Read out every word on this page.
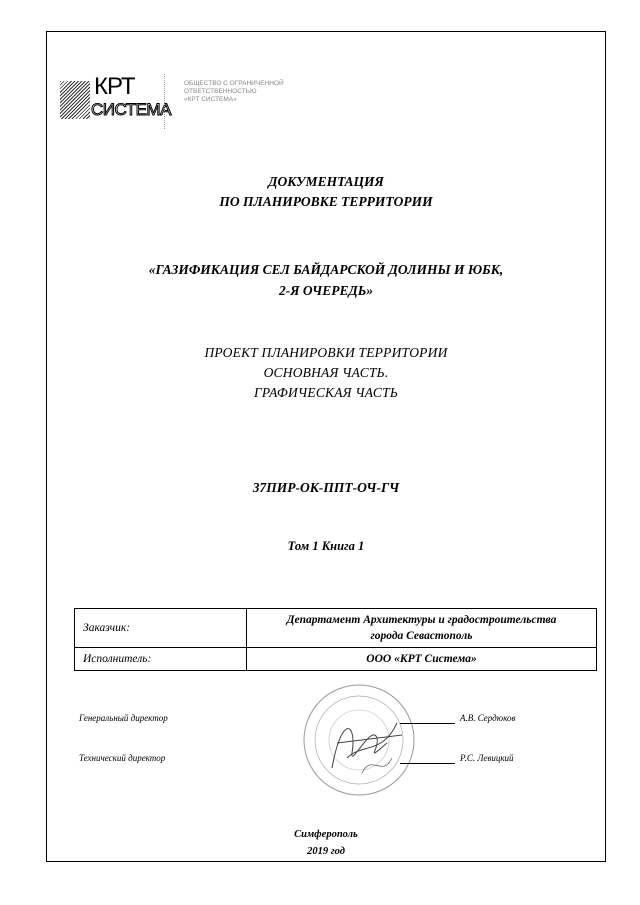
КРТ
СИСТЕМА
ОБЩЕСТВО С ОГРАНИЧЕННОЙ
ОТВЕТСТВЕННОСТЬЮ
«КРТ СИСТЕМА»
ДОКУМЕНТАЦИЯ
ПО ПЛАНИРОВКЕ ТЕРРИТОРИИ
«ГАЗИФИКАЦИЯ СЕЛ БАЙДАРСКОЙ ДОЛИНЫ И ЮБК,
2-Я ОЧЕРЕДЬ»
ПРОЕКТ ПЛАНИРОВКИ ТЕРРИТОРИИ
ОСНОВНАЯ ЧАСТЬ.
ГРАФИЧЕСКАЯ ЧАСТЬ
37ПИР-ОК-ППТ-ОЧ-ГЧ
Том 1 Книга 1
Заказчик:	Департамент Архитектуры и градостроительства
города Севастополь

Исполнитель:	ООО «КРТ Система»
Генеральный директор	А.В. Сердюков
Технический директор	Р.С. Левицкий
Симферополь
2019 год
